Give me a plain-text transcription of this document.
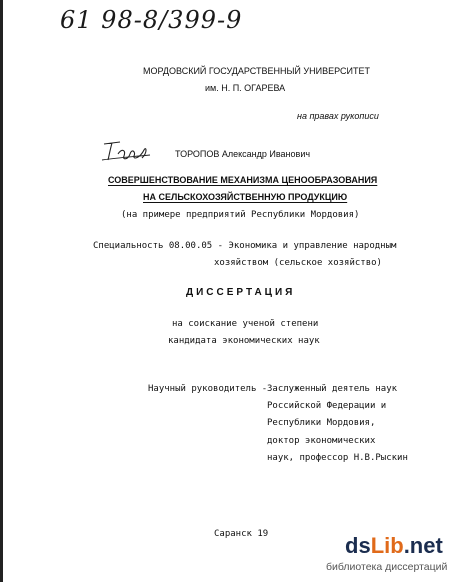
61 98-8/399-9
МОРДОВСКИЙ ГОСУДАРСТВЕННЫЙ УНИВЕРСИТЕТ
им. Н. П. ОГАРЕВА
на правах рукописи
ТОРОПОВ Александр Иванович
СОВЕРШЕНСТВОВАНИЕ МЕХАНИЗМА ЦЕНООБРАЗОВАНИЯ
НА СЕЛЬСКОХОЗЯЙСТВЕННУЮ ПРОДУКЦИЮ
(на примере предприятий Республики Мордовия)
Специальность 08.00.05 - Экономика и управление народным
хозяйством (сельское хозяйство)
ДИССЕРТАЦИЯ
на соискание ученой степени
кандидата экономических наук
Научный руководитель - Заслуженный деятель наук
Российской Федерации и
Республики Мордовия,
доктор экономических
наук, профессор Н.В.Рыскин
Саранск 19	dsLib.net
библиотека диссертаций
